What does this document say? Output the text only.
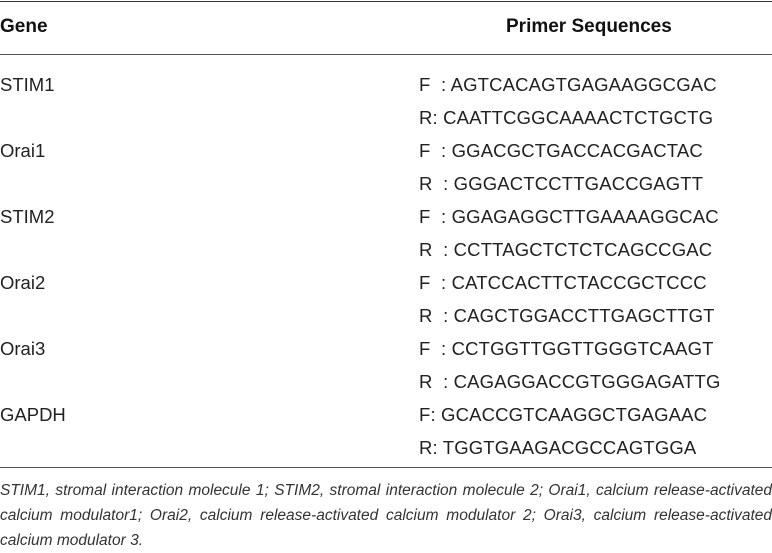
Gene	Primer Sequences
STIM1	F  : AGTCACAGTGAGAAGGCGAC
R: CAATTCGGCAAAACTCTGCTG
Orai1	F  : GGACGCTGACCACGACTAC
R  : GGGACTCCTTGACCGAGTT
STIM2	F  : GGAGAGGCTTGAAAAGGCAC
R  : CCTTAGCTCTCTCAGCCGAC
Orai2	F  : CATCCACTTCTACCGCTCCC
R  : CAGCTGGACCTTGAGCTTGT
Orai3	F  : CCTGGTTGGTTGGGTCAAGT
R  : CAGAGGACCGTGGGAGATTG
GAPDH	F: GCACCGTCAAGGCTGAGAAC
R: TGGTGAAGACGCCAGTGGA
STIM1, stromal interaction molecule 1; STIM2, stromal interaction molecule 2; Orai1, calcium release-activated calcium modulator1; Orai2, calcium release-activated calcium modulator 2; Orai3, calcium release-activated calcium modulator 3.
